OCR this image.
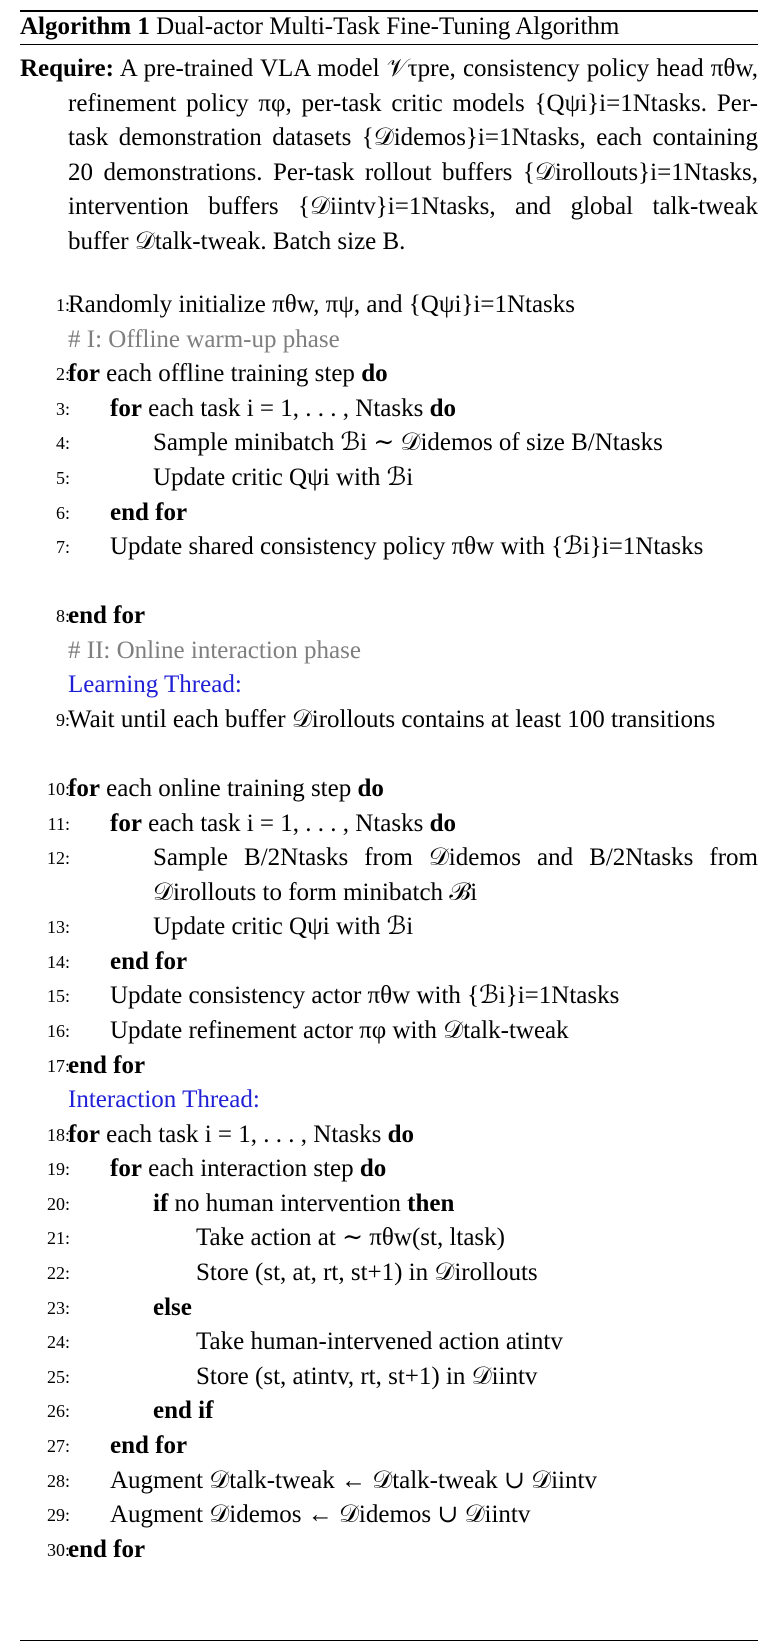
Algorithm 1 Dual-actor Multi-Task Fine-Tuning Algorithm
Require: A pre-trained VLA model 𝒱τpre, consistency policy head πθw, refinement policy πφ, per-task critic models {Qψi}i=1Ntasks. Per-task demonstration datasets {𝒟idemos}i=1Ntasks, each containing 20 demonstrations. Per-task rollout buffers {𝒟irollouts}i=1Ntasks, intervention buffers {𝒟iintv}i=1Ntasks, and global talk-tweak buffer 𝒟talk-tweak. Batch size B.
1:
Randomly initialize πθw, πψ, and {Qψi}i=1Ntasks
# I: Offline warm-up phase
2:
for each offline training step do
3: for each task i = 1, . . . , Ntasks do
4:	Sample minibatch ℬi ∼ 𝒟idemos of size B/Ntasks
5:	Update critic Qψi with ℬi
6: end for
7: Update shared consistency policy πθw with {ℬi}i=1Ntasks
8:
end for
# II: Online interaction phase
Learning Thread:
9:
Wait until each buffer 𝒟irollouts contains at least 100 transitions
10:
for each online training step do
11: for each task i = 1, . . . , Ntasks do
12:	Sample B/2Ntasks from 𝒟idemos and B/2Ntasks from 𝒟irollouts to form minibatch ℬi
13:	Update critic Qψi with ℬi
14: end for
15: Update consistency actor πθw with {ℬi}i=1Ntasks
16: Update refinement actor πφ with 𝒟talk-tweak
17:
end for
Interaction Thread:
18:
for each task i = 1, . . . , Ntasks do
19: for each interaction step do
20:	if no human intervention then
21:	Take action at ∼ πθw(st, ltask)
22:	Store (st, at, rt, st+1) in 𝒟irollouts
23:	else
24:	Take human-intervened action atintv
25:	Store (st, atintv, rt, st+1) in 𝒟iintv
26:	end if
27: end for
28: Augment 𝒟talk-tweak ← 𝒟talk-tweak ∪ 𝒟iintv
29: Augment 𝒟idemos ← 𝒟idemos ∪ 𝒟iintv
30:
end for
